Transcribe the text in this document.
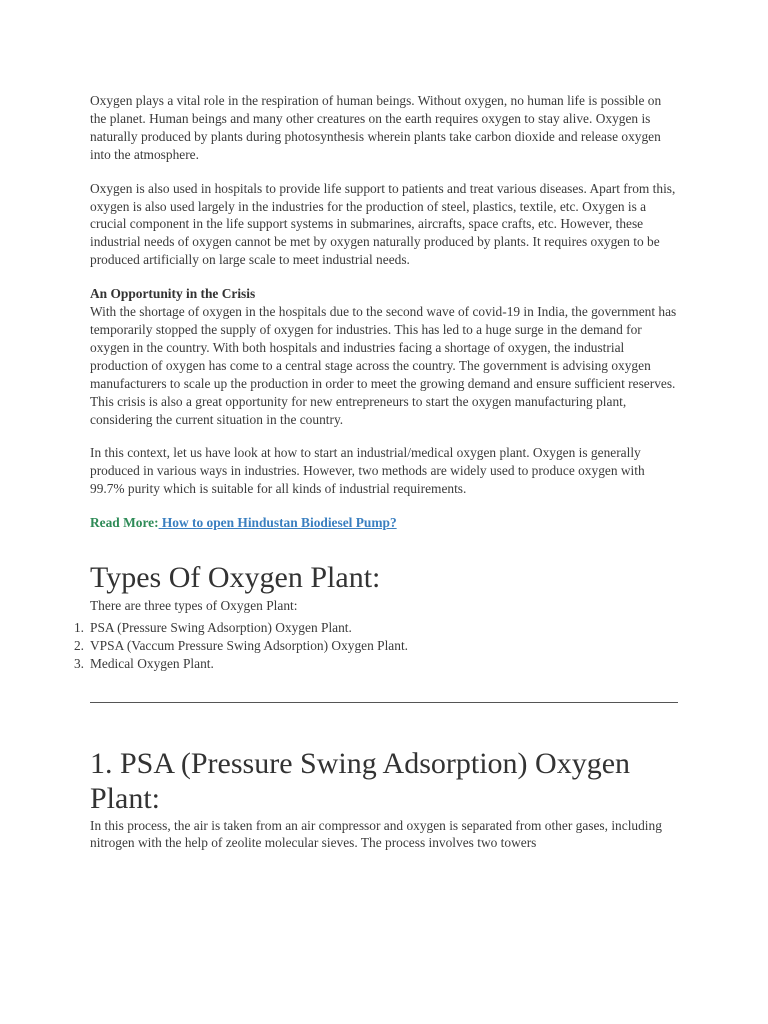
Oxygen plays a vital role in the respiration of human beings. Without oxygen, no human life is possible on the planet. Human beings and many other creatures on the earth requires oxygen to stay alive. Oxygen is naturally produced by plants during photosynthesis wherein plants take carbon dioxide and release oxygen into the atmosphere.

Oxygen is also used in hospitals to provide life support to patients and treat various diseases. Apart from this, oxygen is also used largely in the industries for the production of steel, plastics, textile, etc. Oxygen is a crucial component in the life support systems in submarines, aircrafts, space crafts, etc. However, these industrial needs of oxygen cannot be met by oxygen naturally produced by plants. It requires oxygen to be produced artificially on large scale to meet industrial needs.

An Opportunity in the Crisis
With the shortage of oxygen in the hospitals due to the second wave of covid-19 in India, the government has temporarily stopped the supply of oxygen for industries. This has led to a huge surge in the demand for oxygen in the country. With both hospitals and industries facing a shortage of oxygen, the industrial production of oxygen has come to a central stage across the country. The government is advising oxygen manufacturers to scale up the production in order to meet the growing demand and ensure sufficient reserves. This crisis is also a great opportunity for new entrepreneurs to start the oxygen manufacturing plant, considering the current situation in the country.

In this context, let us have look at how to start an industrial/medical oxygen plant. Oxygen is generally produced in various ways in industries. However, two methods are widely used to produce oxygen with 99.7% purity which is suitable for all kinds of industrial requirements.

Read More: How to open Hindustan Biodiesel Pump?

Types Of Oxygen Plant:

There are three types of Oxygen Plant:

1. PSA (Pressure Swing Adsorption) Oxygen Plant.
2. VPSA (Vaccum Pressure Swing Adsorption) Oxygen Plant.
3. Medical Oxygen Plant.
1. PSA (Pressure Swing Adsorption) Oxygen Plant:

In this process, the air is taken from an air compressor and oxygen is separated from other gases, including nitrogen with the help of zeolite molecular sieves. The process involves two towers
